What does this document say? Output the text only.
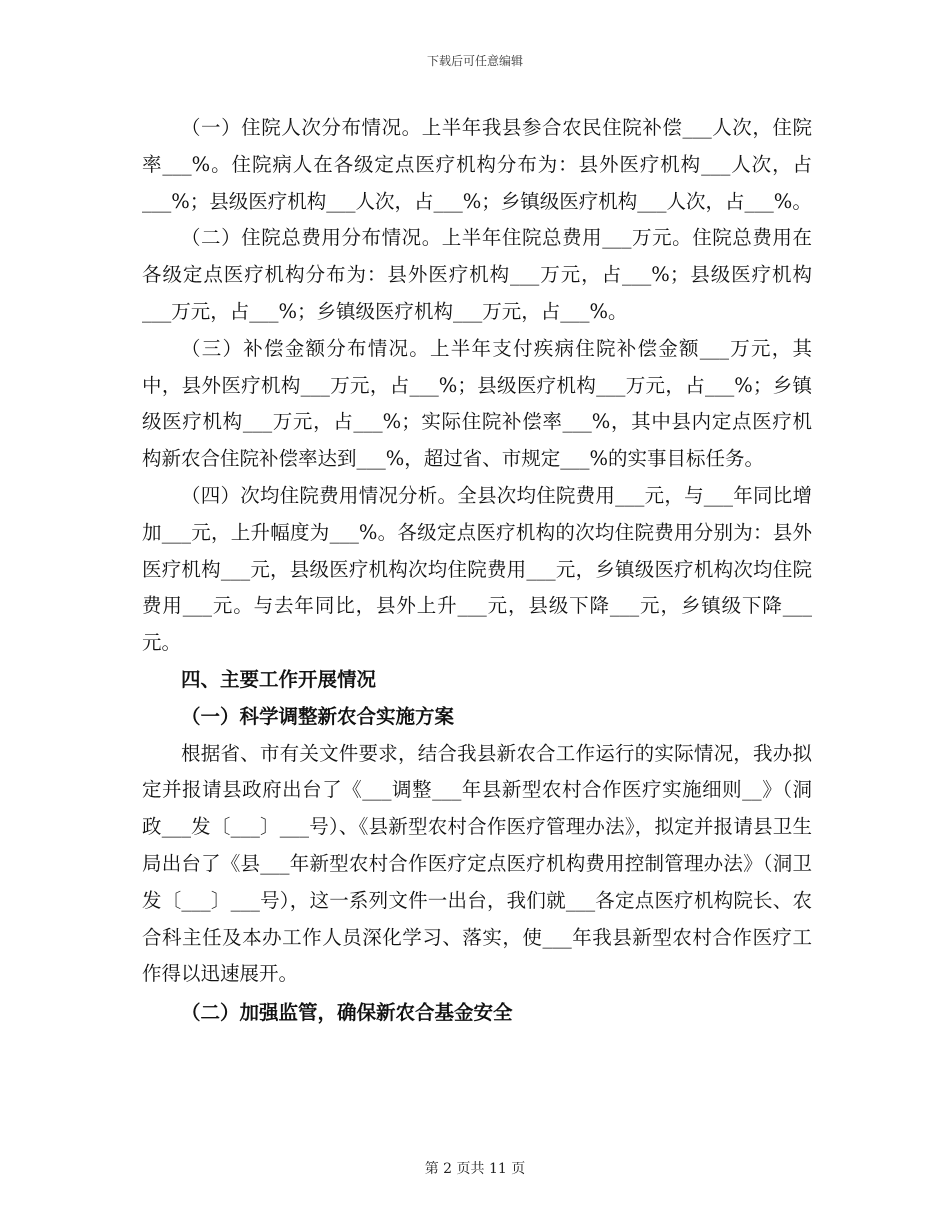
下载后可任意编辑

（一）住院人次分布情况。上半年我县参合农民住院补偿___人次，住院率___%。住院病人在各级定点医疗机构分布为：县外医疗机构___人次，占___%；县级医疗机构___人次，占___%；乡镇级医疗机构___人次，占___%。

（二）住院总费用分布情况。上半年住院总费用___万元。住院总费用在各级定点医疗机构分布为：县外医疗机构___万元，占___%；县级医疗机构___万元，占___%；乡镇级医疗机构___万元，占___%。

（三）补偿金额分布情况。上半年支付疾病住院补偿金额___万元，其中，县外医疗机构___万元，占___%；县级医疗机构___万元，占___%；乡镇级医疗机构___万元，占___%；实际住院补偿率___%，其中县内定点医疗机构新农合住院补偿率达到___%，超过省、市规定___%的实事目标任务。

（四）次均住院费用情况分析。全县次均住院费用___元，与___年同比增加___元，上升幅度为___%。各级定点医疗机构的次均住院费用分别为：县外医疗机构___元，县级医疗机构次均住院费用___元，乡镇级医疗机构次均住院费用___元。与去年同比，县外上升___元，县级下降___元，乡镇级下降___元。

四、主要工作开展情况

（一）科学调整新农合实施方案

根据省、市有关文件要求，结合我县新农合工作运行的实际情况，我办拟定并报请县政府出台了《___调整___年县新型农村合作医疗实施细则__》（洞政___发〔___〕___号）、《县新型农村合作医疗管理办法》，拟定并报请县卫生局出台了《县___年新型农村合作医疗定点医疗机构费用控制管理办法》（洞卫发〔___〕___号），这一系列文件一出台，我们就___各定点医疗机构院长、农合科主任及本办工作人员深化学习、落实，使___年我县新型农村合作医疗工作得以迅速展开。

（二）加强监管，确保新农合基金安全

第 2 页共 11 页
